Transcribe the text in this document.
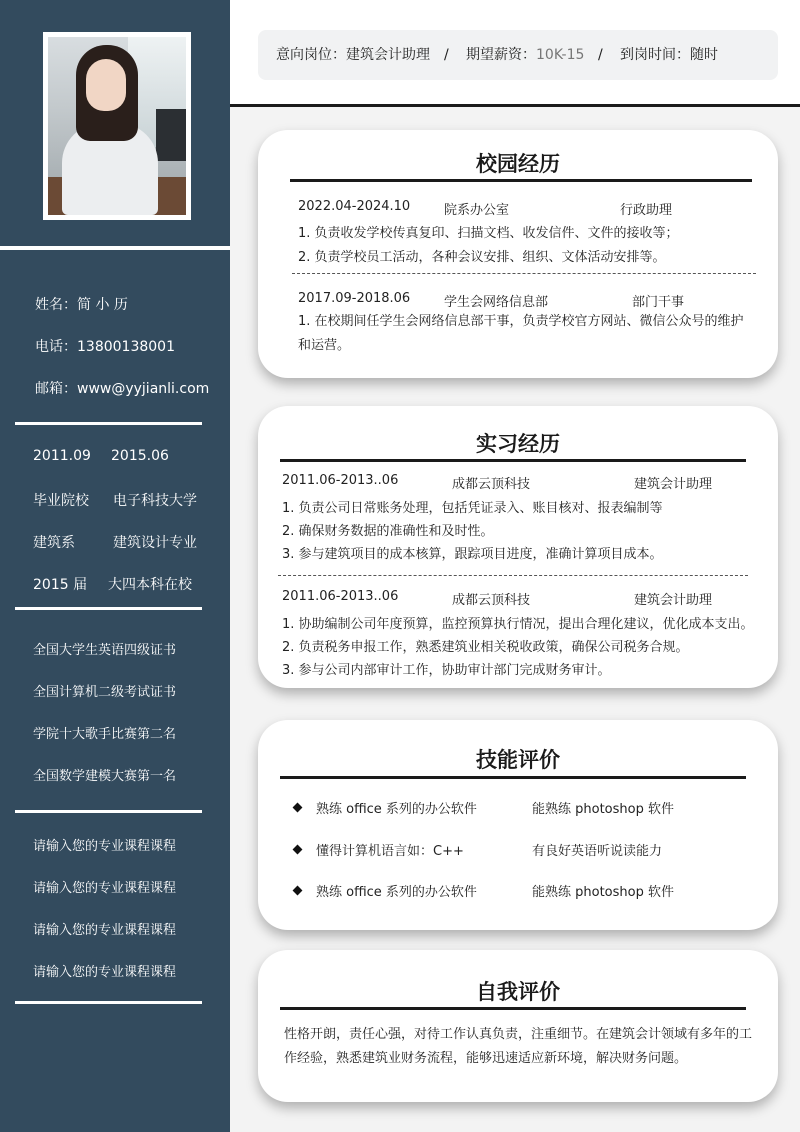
姓名：简 小 历
电话：13800138001
邮箱：www@yyjianli.com
2011.09 2015.06
毕业院校 电子科技大学
建筑系	建筑设计专业
2015 届 大四本科在校
全国大学生英语四级证书
全国计算机二级考试证书
学院十大歌手比赛第二名
全国数学建模大赛第一名
请输入您的专业课程课程
请输入您的专业课程课程
请输入您的专业课程课程
请输入您的专业课程课程
意向岗位： 建筑会计助理 / 期望薪资： 10K-15 / 到岗时间： 随时
校园经历
2022.04-2024.10	院系办公室	行政助理
1. 负责收发学校传真复印、扫描文档、收发信件、文件的接收等；
2. 负责学校员工活动，各种会议安排、组织、文体活动安排等。
2017.09-2018.06	学生会网络信息部	部门干事
1. 在校期间任学生会网络信息部干事，负责学校官方网站、微信公众号的维护和运营。
实习经历
2011.06-2013..06	成都云顶科技	建筑会计助理
1. 负责公司日常账务处理，包括凭证录入、账目核对、报表编制等
2. 确保财务数据的准确性和及时性。
3. 参与建筑项目的成本核算，跟踪项目进度，准确计算项目成本。
2011.06-2013..06	成都云顶科技	建筑会计助理
1. 协助编制公司年度预算，监控预算执行情况，提出合理化建议，优化成本支出。
2. 负责税务申报工作，熟悉建筑业相关税收政策，确保公司税务合规。
3. 参与公司内部审计工作，协助审计部门完成财务审计。
技能评价
熟练 office 系列的办公软件	能熟练 photoshop 软件
懂得计算机语言如：C++	有良好英语听说读能力
熟练 office 系列的办公软件	能熟练 photoshop 软件
自我评价
性格开朗，责任心强，对待工作认真负责，注重细节。在建筑会计领域有多年的工作经验，熟悉建筑业财务流程，能够迅速适应新环境，解决财务问题。
